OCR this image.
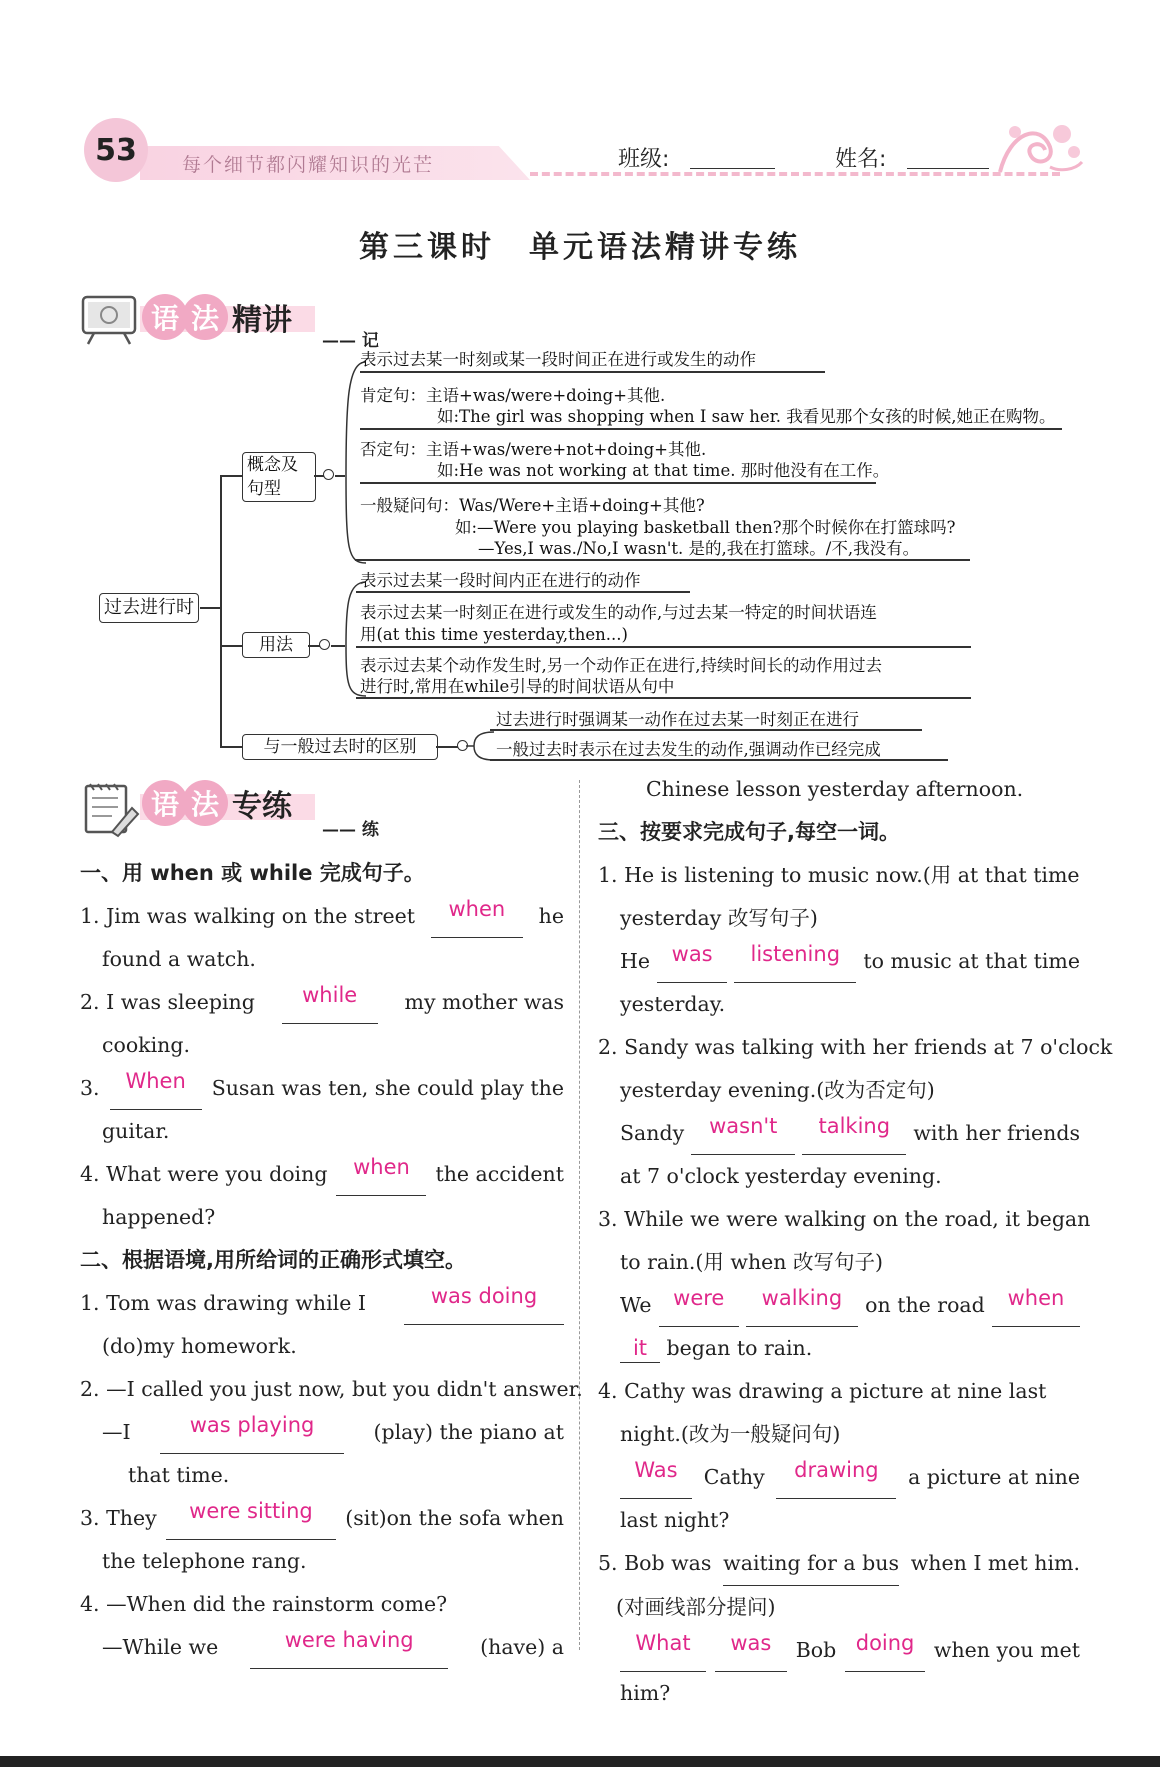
53	每个细节都闪耀知识的光芒	班级:	姓名:
第三课时　单元语法精讲专练
语 法 精讲
—— 记
过去进行时
概念及句型
表示过去某一时刻或某一段时间正在进行或发生的动作
肯定句：主语+was/were+doing+其他.
如:The girl was shopping when I saw her. 我看见那个女孩的时候,她正在购物。
否定句：主语+was/were+not+doing+其他.
如:He was not working at that time. 那时他没有在工作。
一般疑问句：Was/Were+主语+doing+其他?
如:—Were you playing basketball then?那个时候你在打篮球吗?
—Yes,I was./No,I wasn't. 是的,我在打篮球。/不,我没有。
用法
表示过去某一段时间内正在进行的动作
表示过去某一时刻正在进行或发生的动作,与过去某一特定的时间状语连
用(at this time yesterday,then...)
表示过去某个动作发生时,另一个动作正在进行,持续时间长的动作用过去
进行时,常用在while引导的时间状语从句中
与一般过去时的区别
过去进行时强调某一动作在过去某一时刻正在进行
一般过去时表示在过去发生的动作,强调动作已经完成
语 法 专练
—— 练
一、用 when 或 while 完成句子。
1. Jim was walking on the street	when	he
found a watch.
2. I was sleeping	while	my mother was
cooking.
3.	When	Susan was ten, she could play the
guitar.
4. What were you doing	when	the accident
happened?
二、根据语境,用所给词的正确形式填空。
1. Tom was drawing while I	was doing
(do)my homework.
2. —I called you just now, but you didn't answer.
—I	was playing	(play) the piano at
that time.
3. They	were sitting	(sit)on the sofa when
the telephone rang.
4. —When did the rainstorm come?
—While we	were having	(have) a
Chinese lesson yesterday afternoon.
三、按要求完成句子,每空一词。
1. He is listening to music now.(用 at that time
yesterday 改写句子)
He	was	listening	to music at that time
yesterday.
2. Sandy was talking with her friends at 7 o'clock
yesterday evening.(改为否定句)
Sandy	wasn't	talking	with her friends
at 7 o'clock yesterday evening.
3. While we were walking on the road, it began
to rain.(用 when 改写句子)
We	were	walking	on the road	when
it began to rain.
4. Cathy was drawing a picture at nine last
night.(改为一般疑问句)
Was	Cathy	drawing	a picture at nine
last night?
5. Bob was waiting for a bus when I met him.
(对画线部分提问)
What	was	Bob doing when you met
him?
